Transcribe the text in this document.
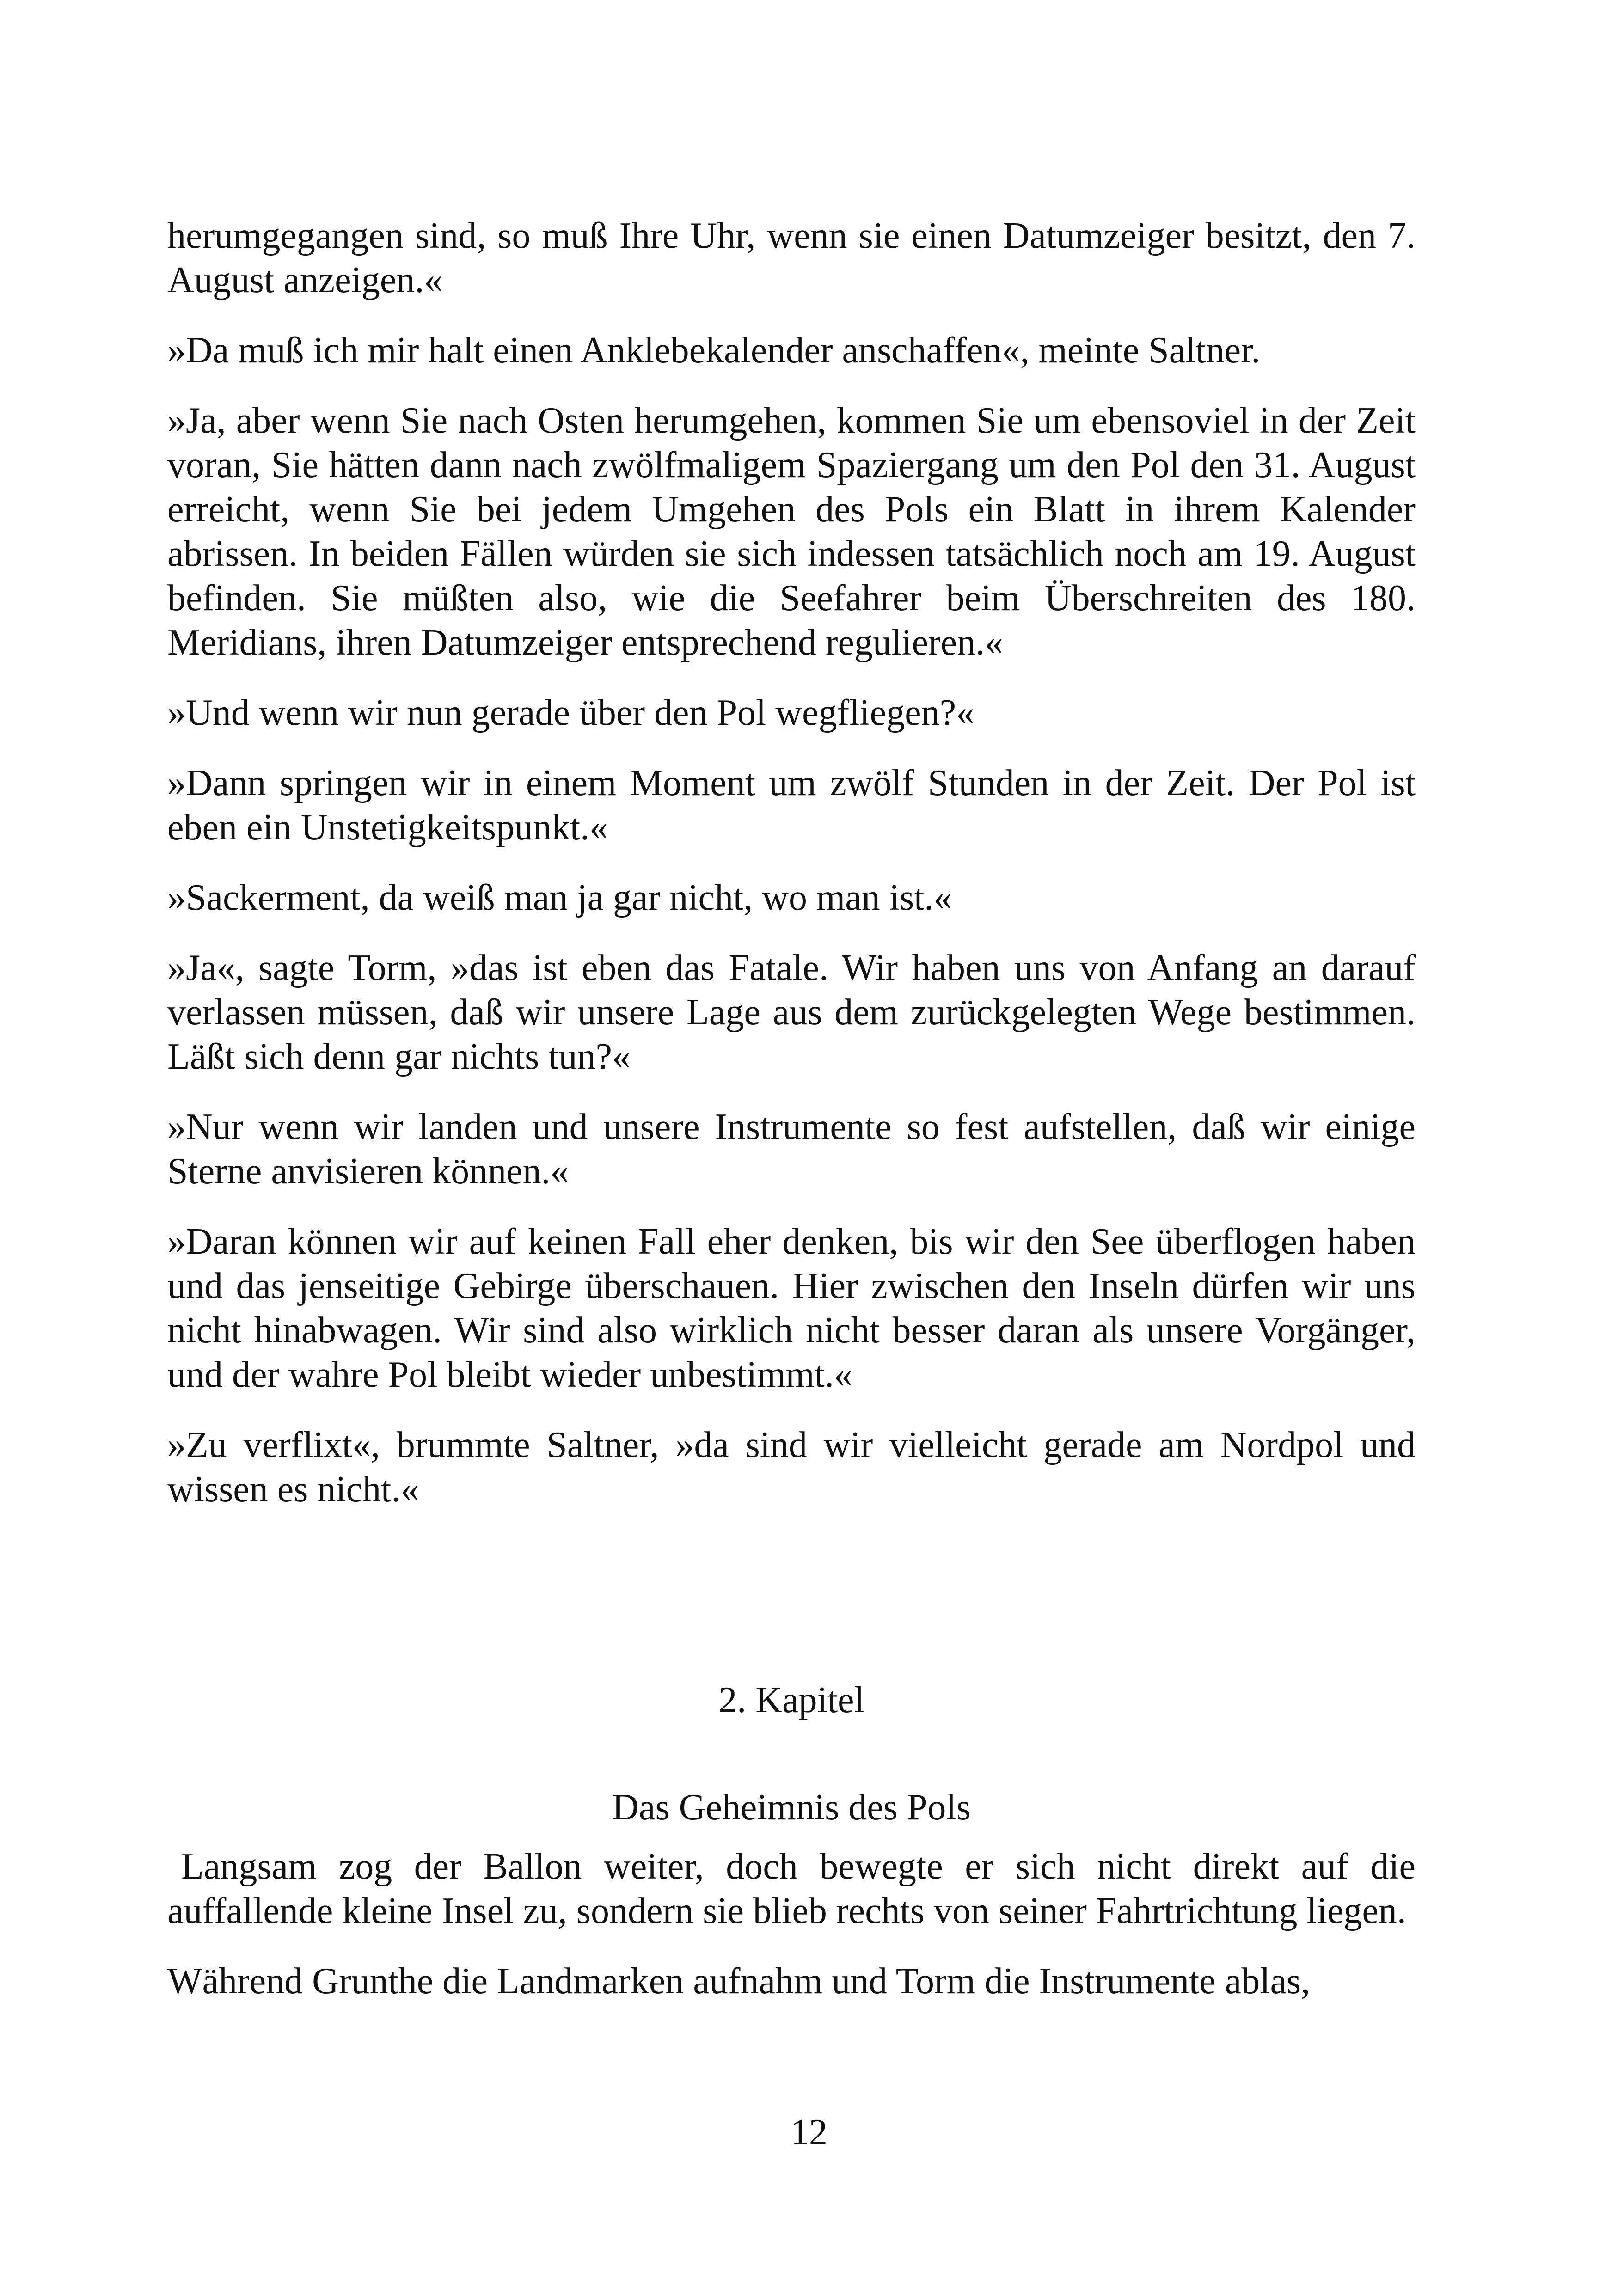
herumgegangen sind, so muß Ihre Uhr, wenn sie einen Datumzeiger besitzt, den 7. August anzeigen.«

»Da muß ich mir halt einen Anklebekalender anschaffen«, meinte Saltner.

»Ja, aber wenn Sie nach Osten herumgehen, kommen Sie um ebensoviel in der Zeit voran, Sie hätten dann nach zwölfmaligem Spaziergang um den Pol den 31. August erreicht, wenn Sie bei jedem Umgehen des Pols ein Blatt in ihrem Kalender abrissen. In beiden Fällen würden sie sich indessen tatsächlich noch am 19. August befinden. Sie müßten also, wie die Seefahrer beim Überschreiten des 180. Meridians, ihren Datumzeiger entsprechend regulieren.«

»Und wenn wir nun gerade über den Pol wegfliegen?«

»Dann springen wir in einem Moment um zwölf Stunden in der Zeit. Der Pol ist eben ein Unstetigkeitspunkt.«

»Sackerment, da weiß man ja gar nicht, wo man ist.«

»Ja«, sagte Torm, »das ist eben das Fatale. Wir haben uns von Anfang an darauf verlassen müssen, daß wir unsere Lage aus dem zurückgelegten Wege bestimmen. Läßt sich denn gar nichts tun?«

»Nur wenn wir landen und unsere Instrumente so fest aufstellen, daß wir einige Sterne anvisieren können.«

»Daran können wir auf keinen Fall eher denken, bis wir den See überflogen haben und das jenseitige Gebirge überschauen. Hier zwischen den Inseln dürfen wir uns nicht hinabwagen. Wir sind also wirklich nicht besser daran als unsere Vorgänger, und der wahre Pol bleibt wieder unbestimmt.«

»Zu verflixt«, brummte Saltner, »da sind wir vielleicht gerade am Nordpol und wissen es nicht.«

2. Kapitel
Das Geheimnis des Pols

Langsam zog der Ballon weiter, doch bewegte er sich nicht direkt auf die auffallende kleine Insel zu, sondern sie blieb rechts von seiner Fahrtrichtung liegen.

Während Grunthe die Landmarken aufnahm und Torm die Instrumente ablas,

12
